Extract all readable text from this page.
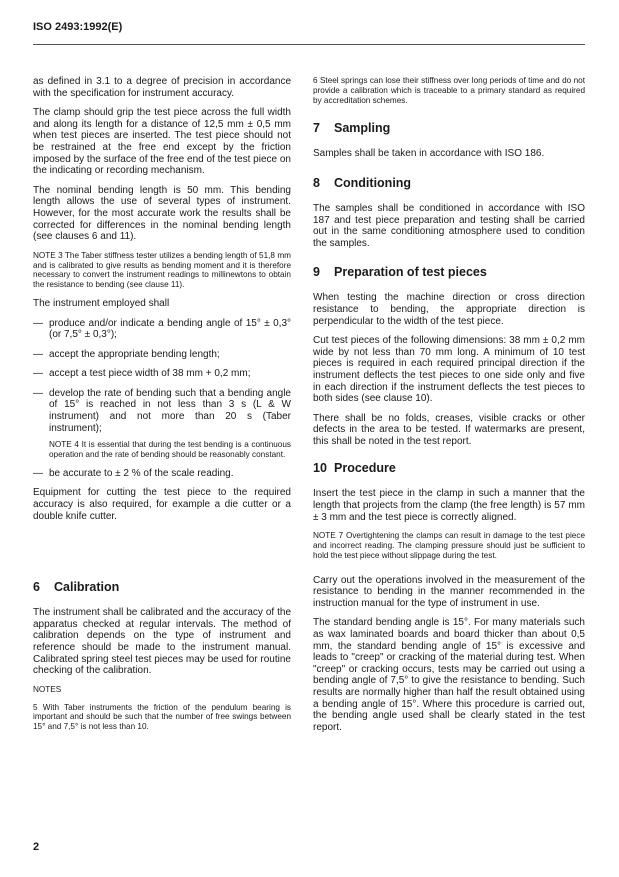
ISO 2493:1992(E)

as defined in 3.1 to a degree of precision in accordance with the specification for instrument accuracy.

The clamp should grip the test piece across the full width and along its length for a distance of 12,5 mm ± 0,5 mm when test pieces are inserted. The test piece should not be restrained at the free end except by the friction imposed by the surface of the free end of the test piece on the indicating or recording mechanism.

The nominal bending length is 50 mm. This bending length allows the use of several types of instrument. However, for the most accurate work the results shall be corrected for differences in the nominal bending length (see clauses 6 and 11).

NOTE 3 The Taber stiffness tester utilizes a bending length of 51,8 mm and is calibrated to give results as bending moment and it is therefore necessary to convert the instrument readings to millinewtons to obtain the resistance to bending (see clause 11).

The instrument employed shall

— produce and/or indicate a bending angle of 15° ± 0,3° (or 7,5° ± 0,3°);
— accept the appropriate bending length;
— accept a test piece width of 38 mm + 0,2 mm;
— develop the rate of bending such that a bending angle of 15° is reached in not less than 3 s (L & W instrument) and not more than 20 s (Taber instrument);
NOTE 4 It is essential that during the test bending is a continuous operation and the rate of bending should be reasonably constant.
— be accurate to ± 2 % of the scale reading.

Equipment for cutting the test piece to the required accuracy is also required, for example a die cutter or a double knife cutter.

6 Calibration

The instrument shall be calibrated and the accuracy of the apparatus checked at regular intervals. The method of calibration depends on the type of instrument and reference should be made to the instrument manual. Calibrated spring steel test pieces may be used for routine checking of the calibration.

NOTES
5 With Taber instruments the friction of the pendulum bearing is important and should be such that the number of free swings between 15° and 7,5° is not less than 10.
6 Steel springs can lose their stiffness over long periods of time and do not provide a calibration which is traceable to a primary standard as required by accreditation schemes.
7 Sampling

Samples shall be taken in accordance with ISO 186.

8 Conditioning

The samples shall be conditioned in accordance with ISO 187 and test piece preparation and testing shall be carried out in the same conditioning atmosphere used to condition the samples.

9 Preparation of test pieces

When testing the machine direction or cross direction resistance to bending, the appropriate direction is perpendicular to the width of the test piece.

Cut test pieces of the following dimensions: 38 mm ± 0,2 mm wide by not less than 70 mm long. A minimum of 10 test pieces is required in each required principal direction if the instrument deflects the test pieces to one side only and five in each direction if the instrument deflects the test pieces to both sides (see clause 10).

There shall be no folds, creases, visible cracks or other defects in the area to be tested. If watermarks are present, this shall be noted in the test report.

10 Procedure

Insert the test piece in the clamp in such a manner that the length that projects from the clamp (the free length) is 57 mm ± 3 mm and the test piece is correctly aligned.

NOTE 7 Overtightening the clamps can result in damage to the test piece and incorrect reading. The clamping pressure should just be sufficient to hold the test piece without slippage during the test.

Carry out the operations involved in the measurement of the resistance to bending in the manner recommended in the instruction manual for the type of instrument in use.

The standard bending angle is 15°. For many materials such as wax laminated boards and board thicker than about 0,5 mm, the standard bending angle of 15° is excessive and leads to "creep" or cracking of the material during test. When "creep" or cracking occurs, tests may be carried out using a bending angle of 7,5° to give the resistance to bending. Such results are normally higher than half the result obtained using a bending angle of 15°. Where this procedure is carried out, the bending angle used shall be clearly stated in the test report.

2
